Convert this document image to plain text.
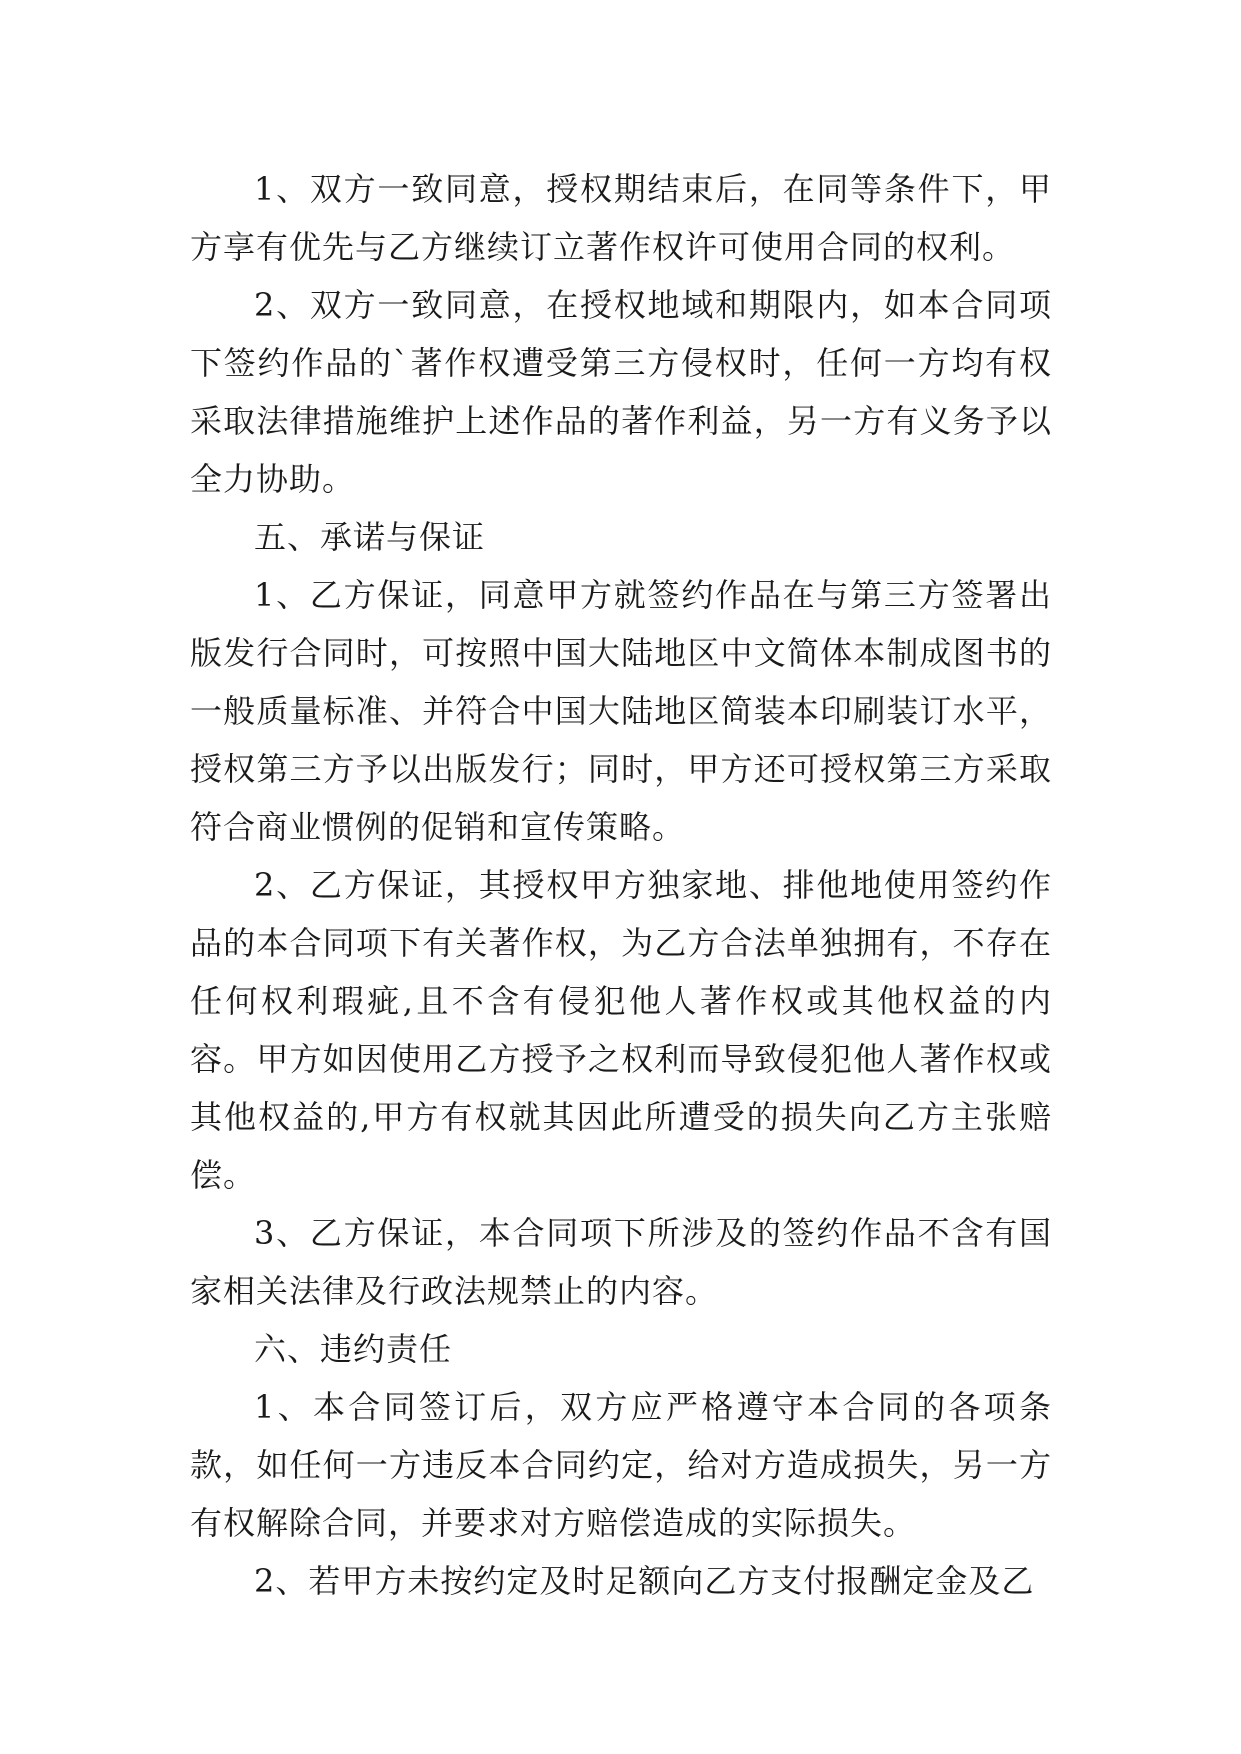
1、双方一致同意，授权期结束后，在同等条件下，甲方享有优先与乙方继续订立著作权许可使用合同的权利。

2、双方一致同意，在授权地域和期限内，如本合同项下签约作品的`著作权遭受第三方侵权时，任何一方均有权采取法律措施维护上述作品的著作利益，另一方有义务予以全力协助。

五、承诺与保证

1、乙方保证，同意甲方就签约作品在与第三方签署出版发行合同时，可按照中国大陆地区中文简体本制成图书的一般质量标准、并符合中国大陆地区简装本印刷装订水平，授权第三方予以出版发行；同时，甲方还可授权第三方采取符合商业惯例的促销和宣传策略。

2、乙方保证，其授权甲方独家地、排他地使用签约作品的本合同项下有关著作权，为乙方合法单独拥有，不存在任何权利瑕疵,且不含有侵犯他人著作权或其他权益的内容。甲方如因使用乙方授予之权利而导致侵犯他人著作权或其他权益的,甲方有权就其因此所遭受的损失向乙方主张赔偿。

3、乙方保证，本合同项下所涉及的签约作品不含有国家相关法律及行政法规禁止的内容。

六、违约责任

1、本合同签订后，双方应严格遵守本合同的各项条款，如任何一方违反本合同约定，给对方造成损失，另一方有权解除合同，并要求对方赔偿造成的实际损失。

2、若甲方未按约定及时足额向乙方支付报酬定金及乙
